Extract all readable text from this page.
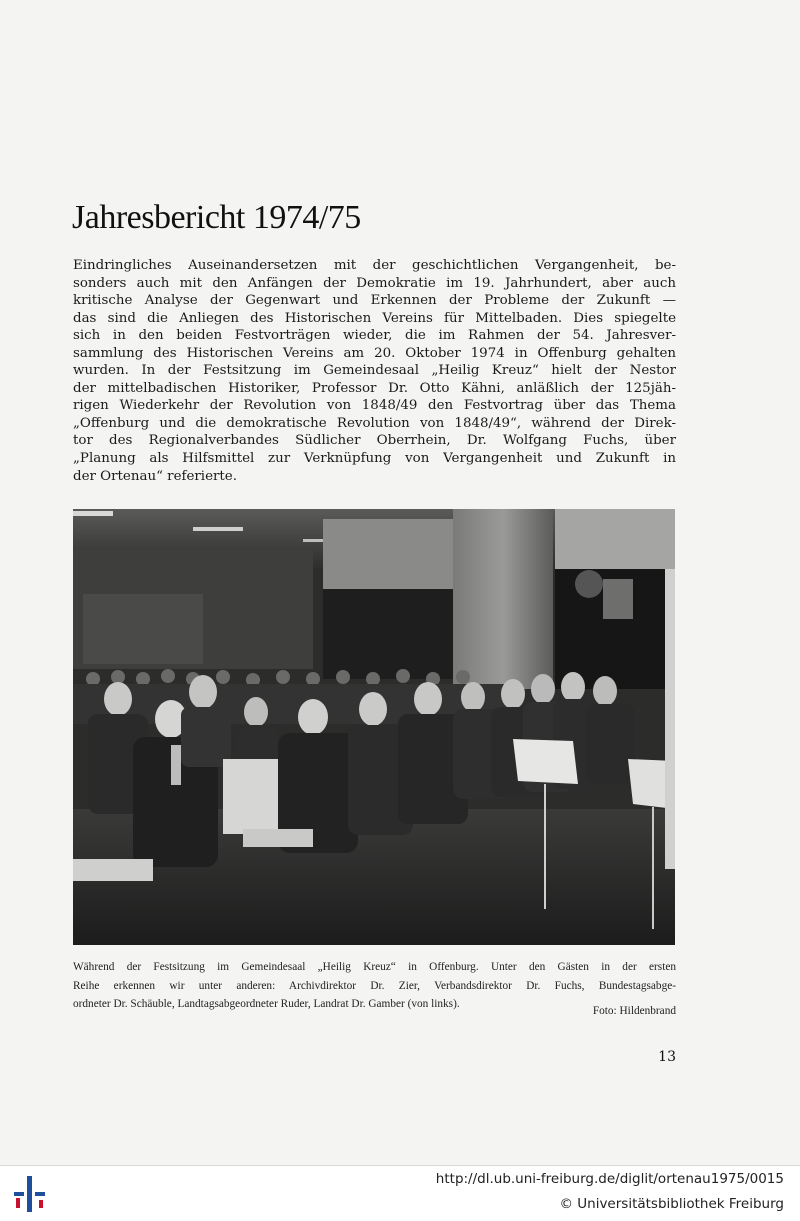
Jahresbericht 1974/75
Eindringliches Auseinandersetzen mit der geschichtlichen Vergangenheit, be-
sonders auch mit den Anfängen der Demokratie im 19. Jahrhundert, aber auch
kritische Analyse der Gegenwart und Erkennen der Probleme der Zukunft —
das sind die Anliegen des Historischen Vereins für Mittelbaden. Dies spiegelte
sich in den beiden Festvorträgen wieder, die im Rahmen der 54. Jahresver-
sammlung des Historischen Vereins am 20. Oktober 1974 in Offenburg gehalten
wurden. In der Festsitzung im Gemeindesaal „Heilig Kreuz“ hielt der Nestor
der mittelbadischen Historiker, Professor Dr. Otto Kähni, anläßlich der 125jäh-
rigen Wiederkehr der Revolution von 1848/49 den Festvortrag über das Thema
„Offenburg und die demokratische Revolution von 1848/49“, während der Direk-
tor des Regionalverbandes Südlicher Oberrhein, Dr. Wolfgang Fuchs, über
„Planung als Hilfsmittel zur Verknüpfung von Vergangenheit und Zukunft in
der Ortenau“ referierte.
Während der Festsitzung im Gemeindesaal „Heilig Kreuz“ in Offenburg. Unter den Gästen in der ersten
Reihe erkennen wir unter anderen: Archivdirektor Dr. Zier, Verbandsdirektor Dr. Fuchs, Bundestagsabge-
ordneter Dr. Schäuble, Landtagsabgeordneter Ruder, Landrat Dr. Gamber (von links).
Foto: Hildenbrand
13
http://dl.ub.uni-freiburg.de/diglit/ortenau1975/0015
© Universitätsbibliothek Freiburg
